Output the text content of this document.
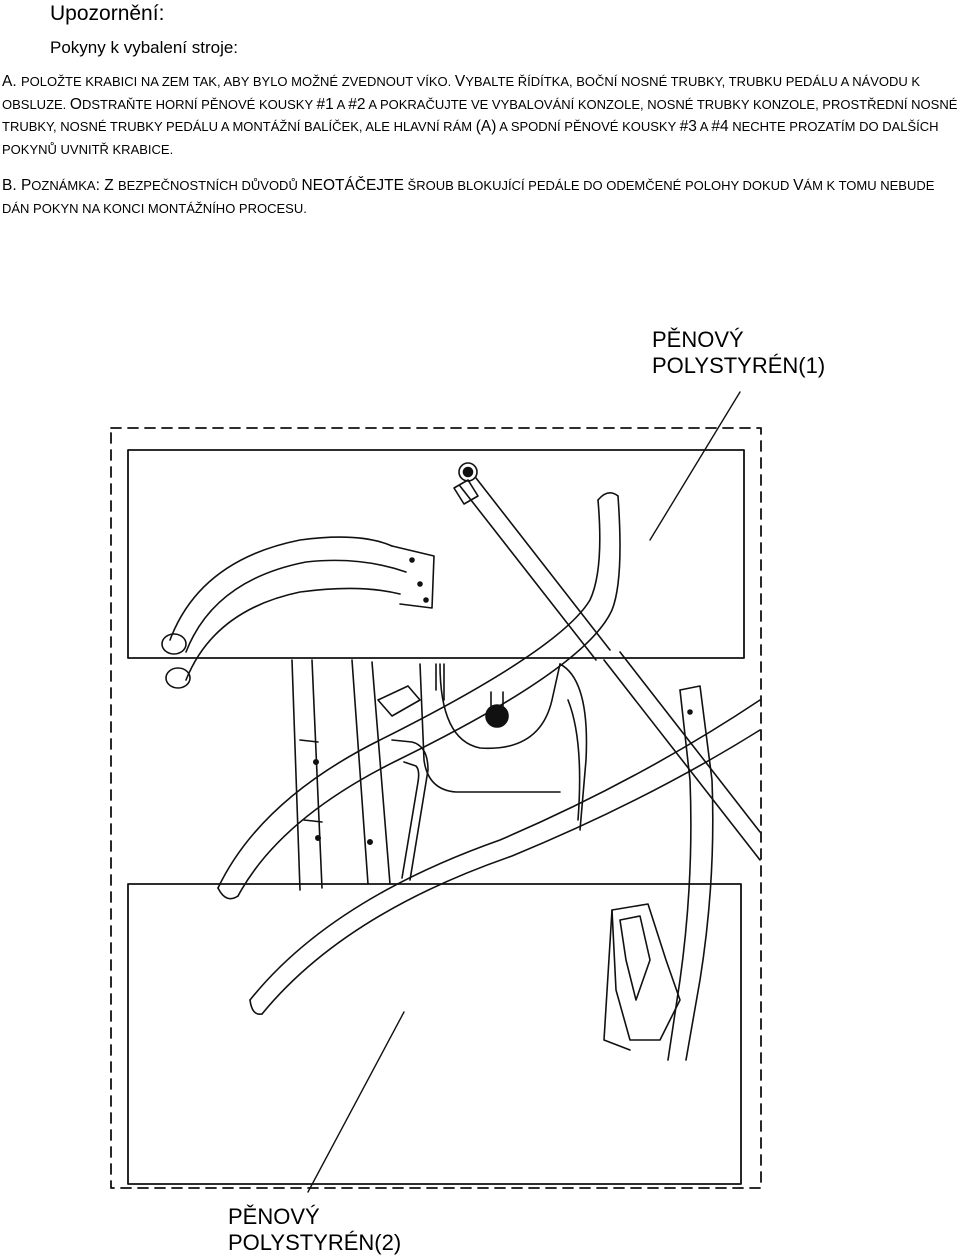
Upozornění:
Pokyny k vybalení stroje:

A. POLOŽTE KRABICI NA ZEM TAK, ABY BYLO MOŽNÉ ZVEDNOUT VÍKO. VYBALTE ŘÍDÍTKA, BOČNÍ NOSNÉ TRUBKY, TRUBKU PEDÁLU A NÁVODU K OBSLUZE. ODSTRAŇTE HORNÍ PĚNOVÉ KOUSKY #1 A #2 A POKRAČUJTE VE VYBALOVÁNÍ KONZOLE, NOSNÉ TRUBKY KONZOLE, PROSTŘEDNÍ NOSNÉ TRUBKY, NOSNÉ TRUBKY PEDÁLU A MONTÁŽNÍ BALÍČEK, ALE HLAVNÍ RÁM (A) A SPODNÍ PĚNOVÉ KOUSKY #3 A #4 NECHTE PROZATÍM DO DALŠÍCH POKYNŮ UVNITŘ KRABICE.

B. POZNÁMKA: Z BEZPEČNOSTNÍCH DŮVODŮ NEOTÁČEJTE ŠROUB BLOKUJÍCÍ PEDÁLE DO ODEMČENÉ POLOHY DOKUD VÁM K TOMU NEBUDE DÁN POKYN NA KONCI MONTÁŽNÍHO PROCESU.

PĚNOVÝ
POLYSTYRÉN(1)
PĚNOVÝ
POLYSTYRÉN(2)
